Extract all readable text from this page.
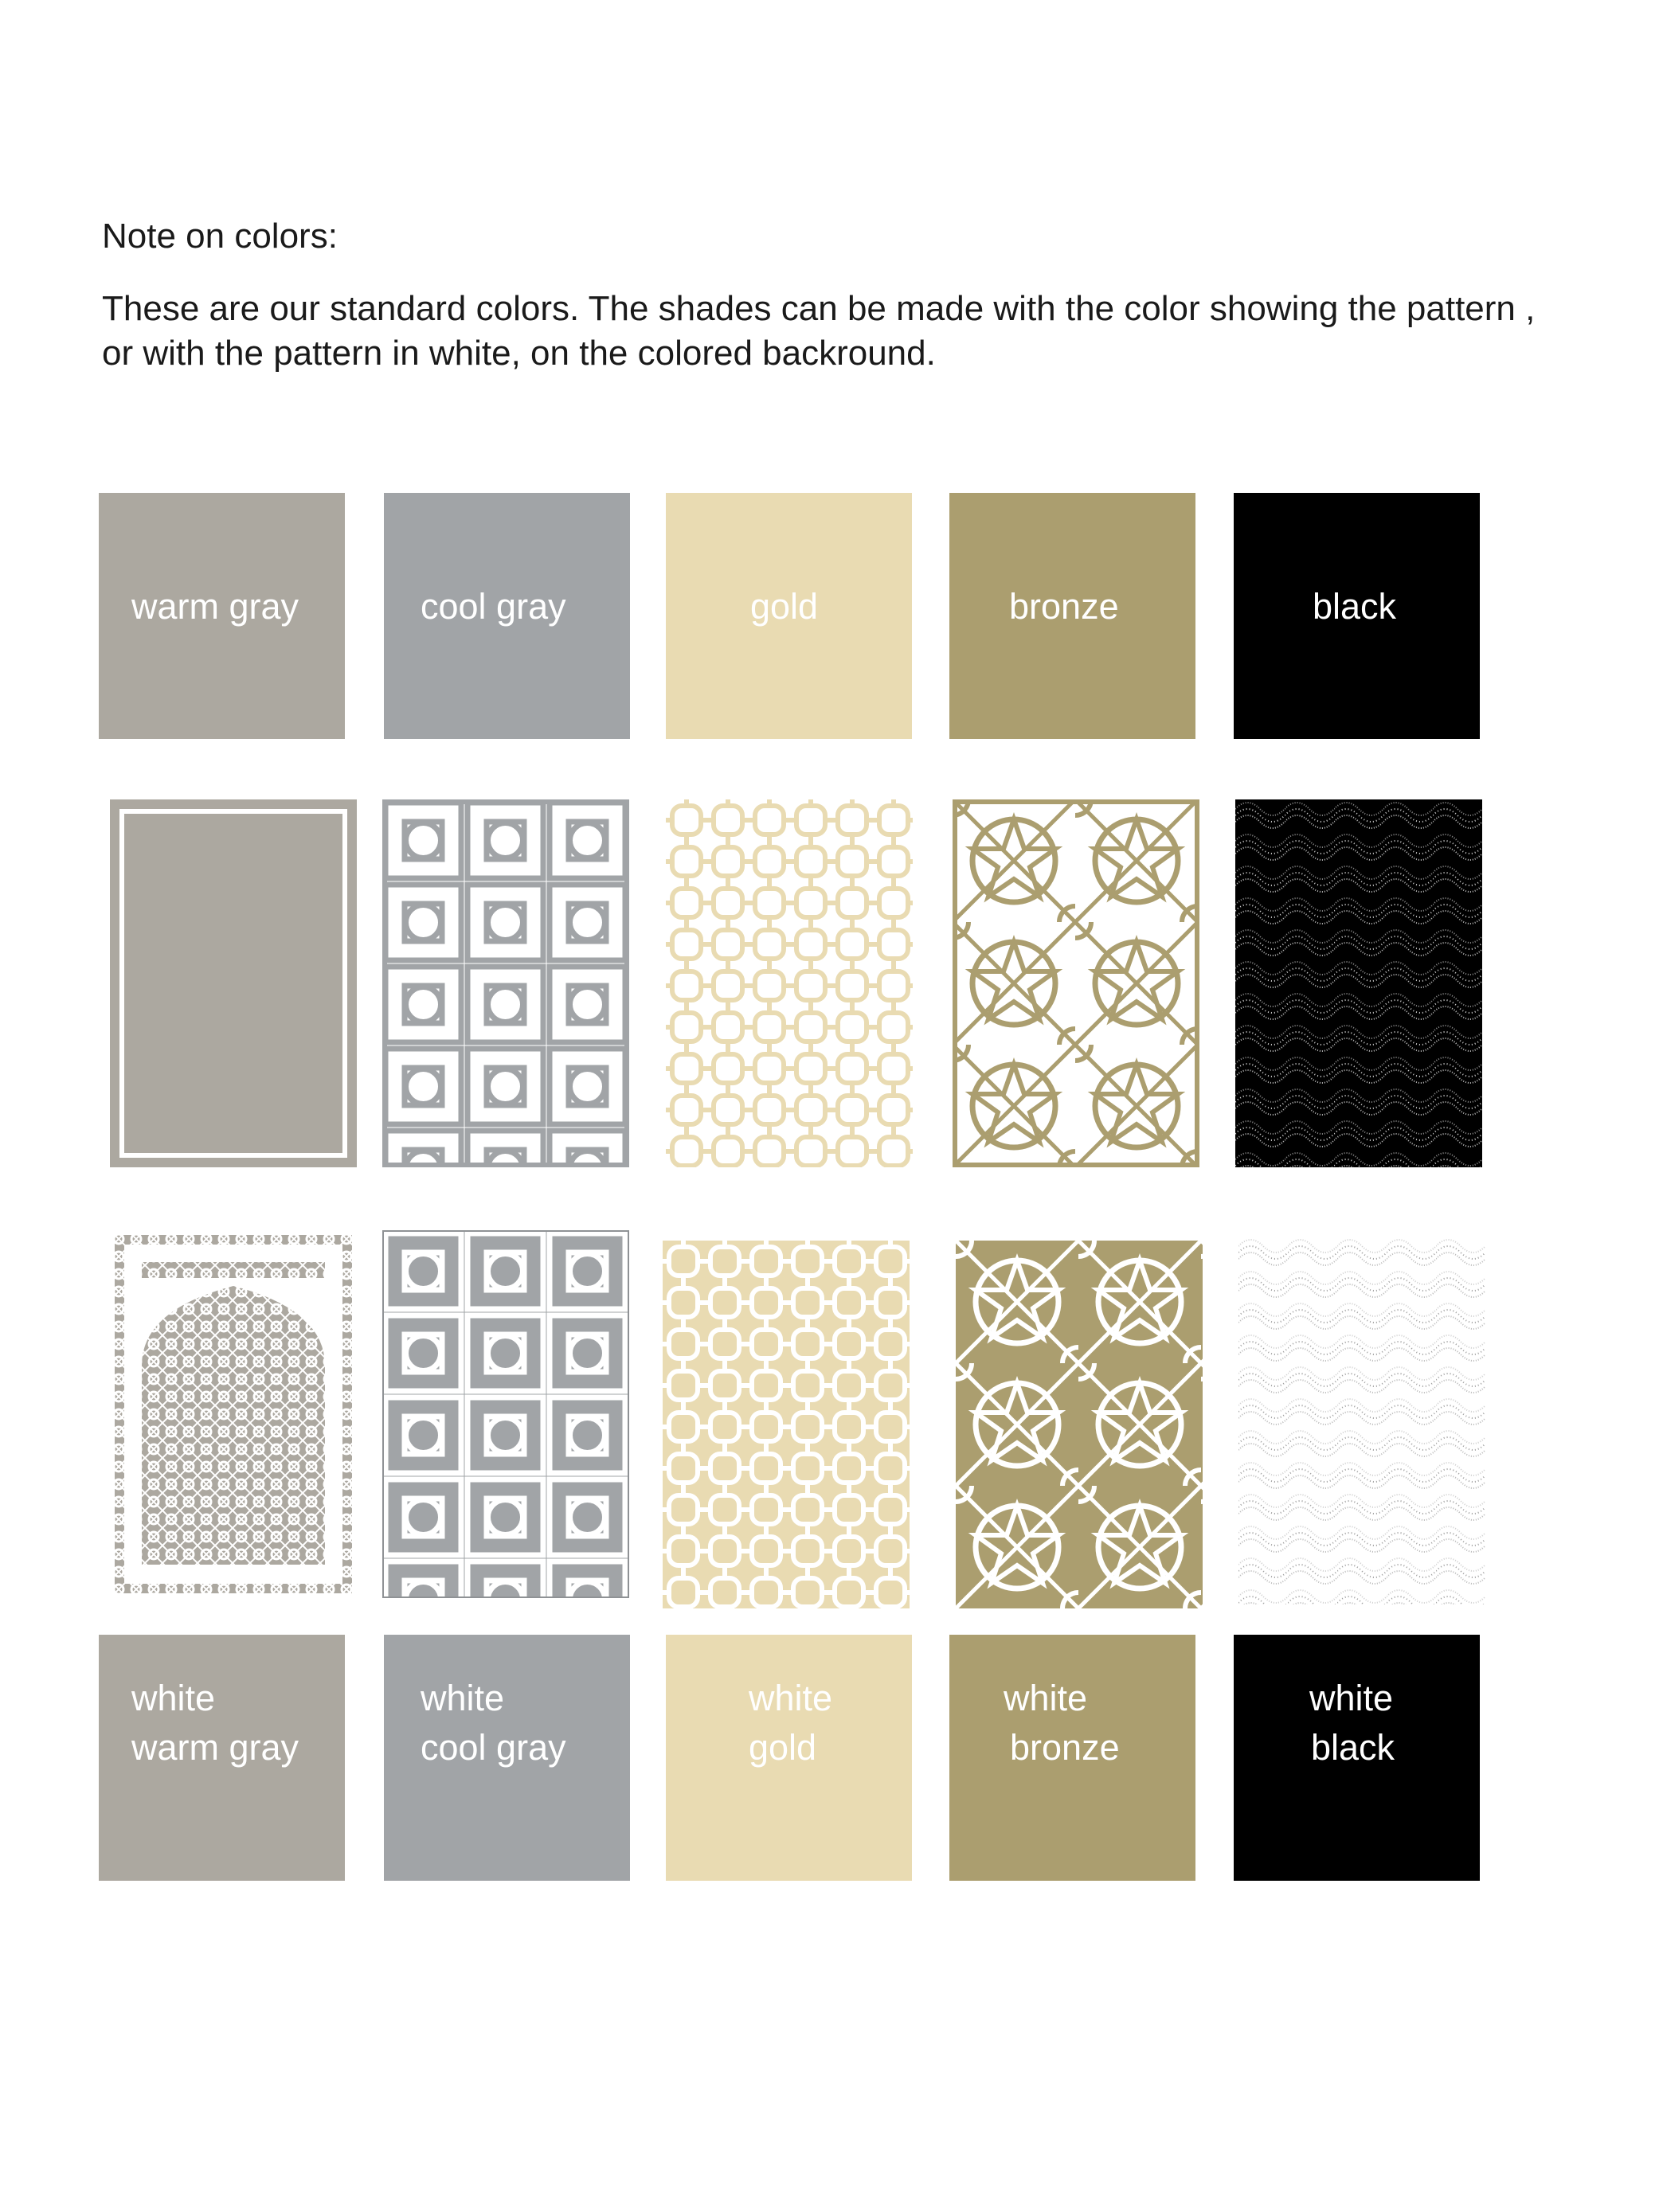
Note on colors:

These are our standard colors. The shades can be made with the color showing the pattern ,
or with the pattern in white, on the colored backround.

warm gray	cool gray	gold	bronze	black
white
warm gray
white
cool gray
white
gold
white
bronze
white
black
